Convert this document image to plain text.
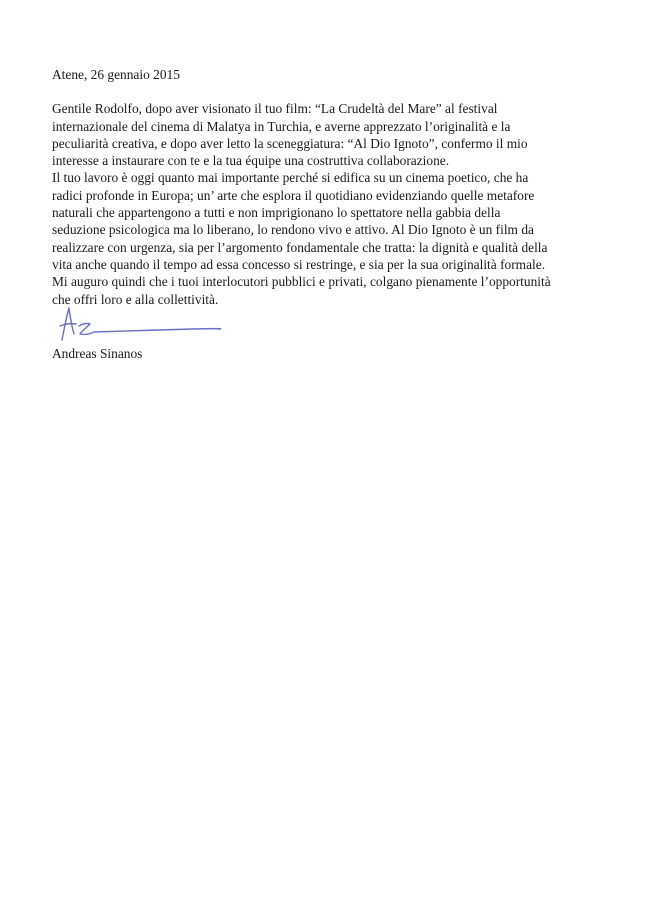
Atene, 26 gennaio 2015

Gentile Rodolfo, dopo aver visionato il tuo film: “La Crudeltà del Mare” al festival

internazionale del cinema di Malatya in Turchia, e averne apprezzato l’originalità e la

peculiarità creativa, e dopo aver letto la sceneggiatura: “Al Dio Ignoto”, confermo il mio

interesse a instaurare con te e la tua équipe una costruttiva collaborazione.

Il tuo lavoro è oggi quanto mai importante perché si edifica su un cinema poetico, che ha

radici profonde in Europa; un’ arte che esplora il quotidiano evidenziando quelle metafore

naturali che appartengono a tutti e non imprigionano lo spettatore nella gabbia della

seduzione psicologica ma lo liberano, lo rendono vivo e attivo. Al Dio Ignoto è un film da

realizzare con urgenza, sia per l’argomento fondamentale che tratta: la dignità e qualità della

vita anche quando il tempo ad essa concesso si restringe, e sia per la sua originalità formale.

Mi auguro quindi che i tuoi interlocutori pubblici e privati, colgano pienamente l’opportunità

che offri loro e alla collettività.

Andreas Sinanos
